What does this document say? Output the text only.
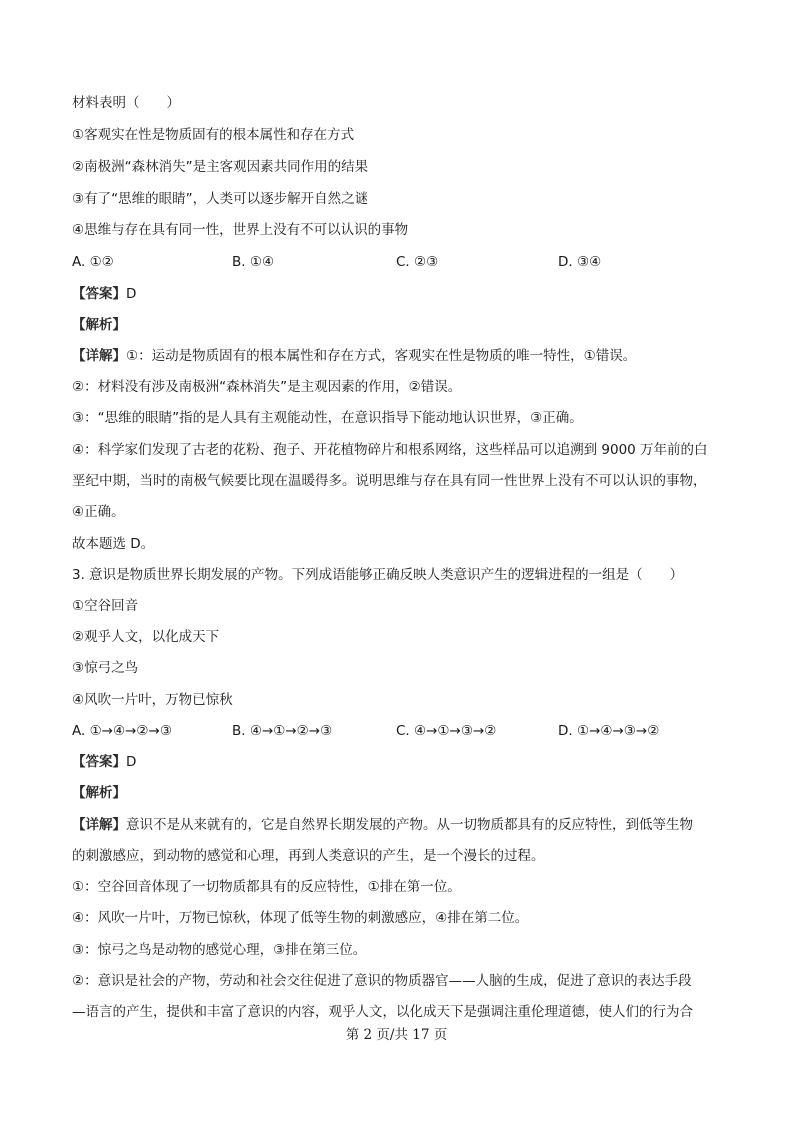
材料表明（　　）
①客观实在性是物质固有的根本属性和存在方式
②南极洲“森林消失”是主客观因素共同作用的结果
③有了“思维的眼睛”，人类可以逐步解开自然之谜
④思维与存在具有同一性，世界上没有不可以认识的事物
A. ①②	B. ①④	C. ②③	D. ③④
【答案】D
【解析】
【详解】①：运动是物质固有的根本属性和存在方式，客观实在性是物质的唯一特性，①错误。
②：材料没有涉及南极洲“森林消失”是主观因素的作用，②错误。
③：“思维的眼睛”指的是人具有主观能动性，在意识指导下能动地认识世界，③正确。
④：科学家们发现了古老的花粉、孢子、开花植物碎片和根系网络，这些样品可以追溯到 9000 万年前的白
垩纪中期，当时的南极气候要比现在温暖得多。说明思维与存在具有同一性世界上没有不可以认识的事物，
④正确。
故本题选 D。
3. 意识是物质世界长期发展的产物。下列成语能够正确反映人类意识产生的逻辑进程的一组是（　　）
①空谷回音
②观乎人文，以化成天下
③惊弓之鸟
④风吹一片叶，万物已惊秋
A. ①→④→②→③	B. ④→①→②→③	C. ④→①→③→②	D. ①→④→③→②
【答案】D
【解析】
【详解】意识不是从来就有的，它是自然界长期发展的产物。从一切物质都具有的反应特性，到低等生物
的刺激感应，到动物的感觉和心理，再到人类意识的产生，是一个漫长的过程。
①：空谷回音体现了一切物质都具有的反应特性，①排在第一位。
④：风吹一片叶，万物已惊秋，体现了低等生物的刺激感应，④排在第二位。
③：惊弓之鸟是动物的感觉心理，③排在第三位。
②：意识是社会的产物，劳动和社会交往促进了意识的物质器官——人脑的生成，促进了意识的表达手段
—语言的产生，提供和丰富了意识的内容，观乎人文，以化成天下是强调注重伦理道德，使人们的行为合
第 2 页/共 17 页
